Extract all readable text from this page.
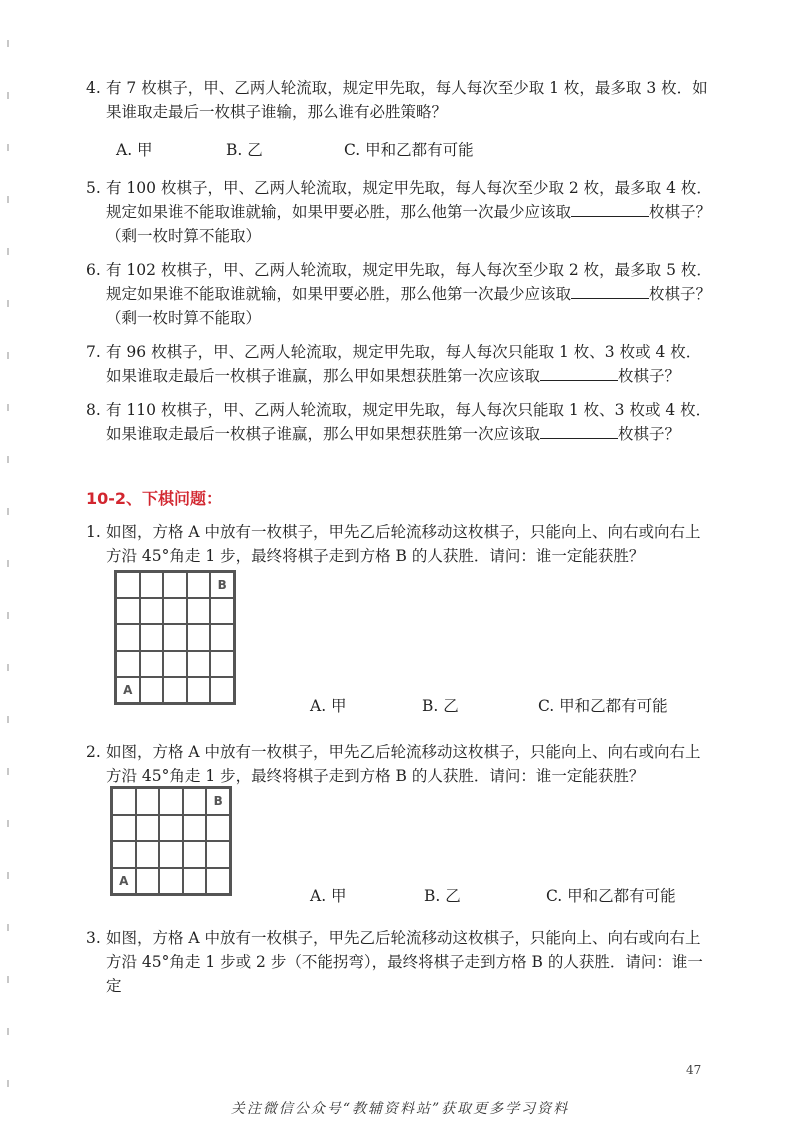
4. 有 7 枚棋子，甲、乙两人轮流取，规定甲先取，每人每次至少取 1 枚，最多取 3 枚．如果谁取走最后一枚棋子谁输，那么谁有必胜策略？
A. 甲	B. 乙	C. 甲和乙都有可能
5. 有 100 枚棋子，甲、乙两人轮流取，规定甲先取，每人每次至少取 2 枚，最多取 4 枚．规定如果谁不能取谁就输，如果甲要必胜，那么他第一次最少应该取	枚棋子？（剩一枚时算不能取）
6. 有 102 枚棋子，甲、乙两人轮流取，规定甲先取，每人每次至少取 2 枚，最多取 5 枚．规定如果谁不能取谁就输，如果甲要必胜，那么他第一次最少应该取	枚棋子？（剩一枚时算不能取）
7. 有 96 枚棋子，甲、乙两人轮流取，规定甲先取，每人每次只能取 1 枚、3 枚或 4 枚．如果谁取走最后一枚棋子谁赢，那么甲如果想获胜第一次应该取	枚棋子？
8. 有 110 枚棋子，甲、乙两人轮流取，规定甲先取，每人每次只能取 1 枚、3 枚或 4 枚．如果谁取走最后一枚棋子谁赢，那么甲如果想获胜第一次应该取	枚棋子？
10-2、下棋问题：
1. 如图，方格 A 中放有一枚棋子，甲先乙后轮流移动这枚棋子，只能向上、向右或向右上方沿 45°角走 1 步，最终将棋子走到方格 B 的人获胜．请问：谁一定能获胜？
B
A
A. 甲	B. 乙	C. 甲和乙都有可能
2. 如图，方格 A 中放有一枚棋子，甲先乙后轮流移动这枚棋子，只能向上、向右或向右上方沿 45°角走 1 步，最终将棋子走到方格 B 的人获胜．请问：谁一定能获胜？
B
A
A. 甲	B. 乙	C. 甲和乙都有可能
3. 如图，方格 A 中放有一枚棋子，甲先乙后轮流移动这枚棋子，只能向上、向右或向右上方沿 45°角走 1 步或 2 步（不能拐弯），最终将棋子走到方格 B 的人获胜．请问：谁一定
47
关注微信公众号“教辅资料站”获取更多学习资料
